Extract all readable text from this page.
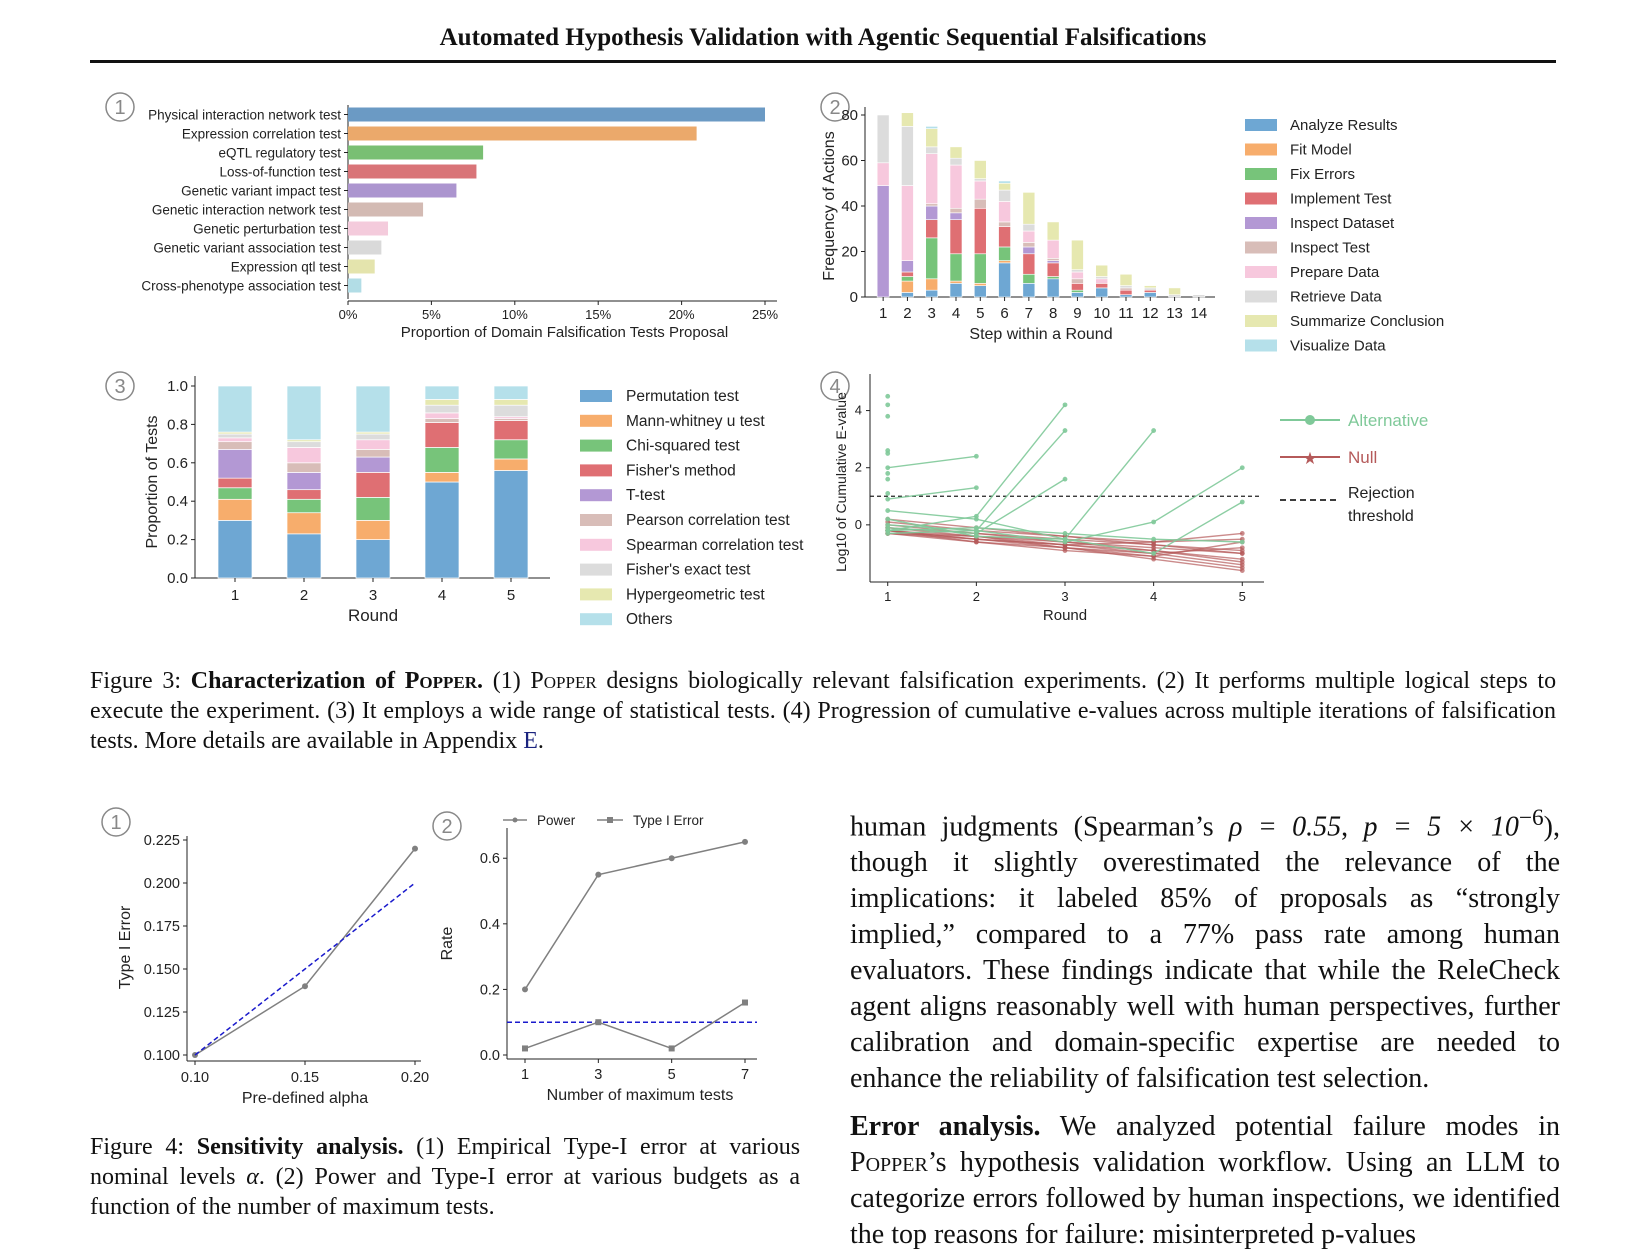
Automated Hypothesis Validation with Agentic Sequential Falsifications
1 Physical interaction network test
Expression correlation test
eQTL regulatory test
Loss-of-function test
Genetic variant impact test
Genetic interaction network test
Genetic perturbation test
Genetic variant association test
Expression qtl test
Cross-phenotype association test
0%	5%	10%	15%	20%	25%
Proportion of Domain Falsification Tests Proposal
2
0
20
40
60
80
1 2 3 4 5 6 7 8 9 10 11 12 13 14
Step within a Round
Frequency of Actions
Analyze Results
Fit Model
Fix Errors
Implement Test
Inspect Dataset
Inspect Test
Prepare Data
Retrieve Data
Summarize Conclusion
Visualize Data
3
0.0
0.2
0.4
0.6
0.8
1.0
1	2	3	4	5
Round
Proportion of Tests
Permutation test
Mann-whitney u test
Chi-squared test
Fisher's method
T-test
Pearson correlation test
Spearman correlation test
Fisher's exact test
Hypergeometric test
Others
4
0
2
4
1	2	3	4	5
Round
Log10 of Cumulative E-value	Alternative
★ Null
Rejection
threshold
Figure 3: Characterization of Popper. (1) Popper designs biologically relevant falsification experiments. (2) It performs multiple logical steps to execute the experiment. (3) It employs a wide range of statistical tests. (4) Progression of cumulative e-values across multiple iterations of falsification tests. More details are available in Appendix E.
1
0.100
0.125
0.150
0.175
0.200
0.225
0.10	0.15	0.20
Pre-defined alpha
Type I Error
2
0.0
0.2
0.4
0.6
1	3	5	7
Number of maximum tests
Rate
Power	Type I Error
Figure 4: Sensitivity analysis. (1) Empirical Type-I error at various nominal levels α. (2) Power and Type-I error at various budgets as a function of the number of maximum tests.

human judgments (Spearman’s ρ = 0.55, $p = 5 \times 10^{-6}$), though it slightly overestimated the relevance of the implications: it labeled 85% of proposals as “strongly implied,” compared to a 77% pass rate among human evaluators. These findings indicate that while the ReleCheck agent aligns reasonably well with human perspectives, further calibration and domain-specific expertise are needed to enhance the reliability of falsification test selection.

Error analysis. We analyzed potential failure modes in Popper’s hypothesis validation workflow. Using an LLM to categorize errors followed by human inspections, we identified the top reasons for failure: misinterpreted p-values
